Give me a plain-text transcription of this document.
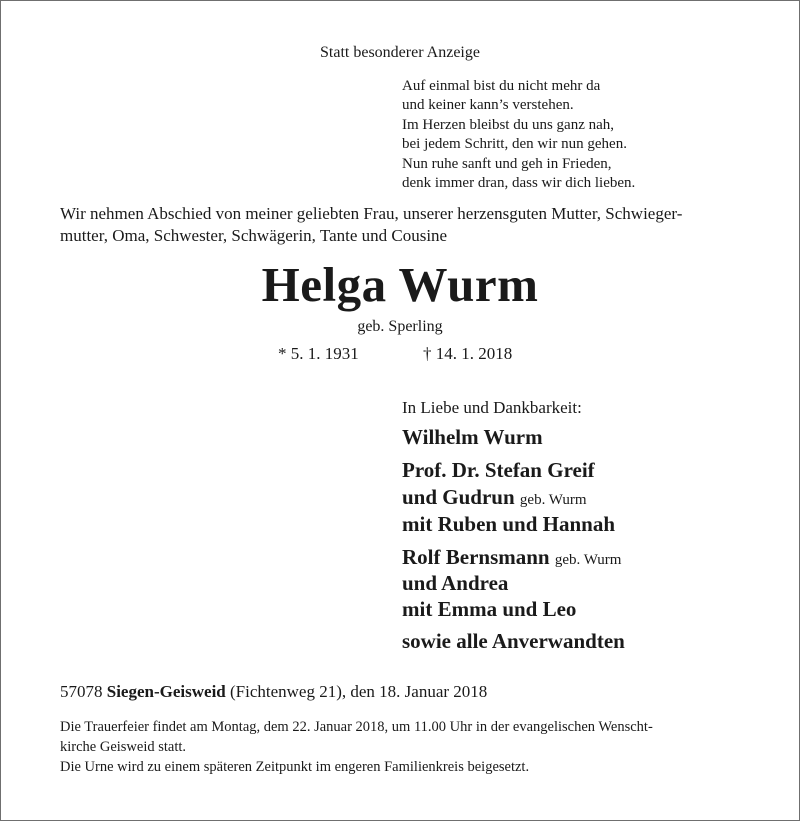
Statt besonderer Anzeige
Auf einmal bist du nicht mehr da
und keiner kann’s verstehen.
Im Herzen bleibst du uns ganz nah,
bei jedem Schritt, den wir nun gehen.
Nun ruhe sanft und geh in Frieden,
denk immer dran, dass wir dich lieben.
Wir nehmen Abschied von meiner geliebten Frau, unserer herzensguten Mutter, Schwieger-
mutter, Oma, Schwester, Schwägerin, Tante und Cousine
Helga Wurm
geb. Sperling
* 5. 1. 1931	† 14. 1. 2018
In Liebe und Dankbarkeit:
Wilhelm Wurm
Prof. Dr. Stefan Greif
und Gudrun geb. Wurm
mit Ruben und Hannah
Rolf Bernsmann geb. Wurm
und Andrea
mit Emma und Leo
sowie alle Anverwandten
57078 Siegen-Geisweid (Fichtenweg 21), den 18. Januar 2018
Die Trauerfeier findet am Montag, dem 22. Januar 2018, um 11.00 Uhr in der evangelischen Wenscht-
kirche Geisweid statt.
Die Urne wird zu einem späteren Zeitpunkt im engeren Familienkreis beigesetzt.
